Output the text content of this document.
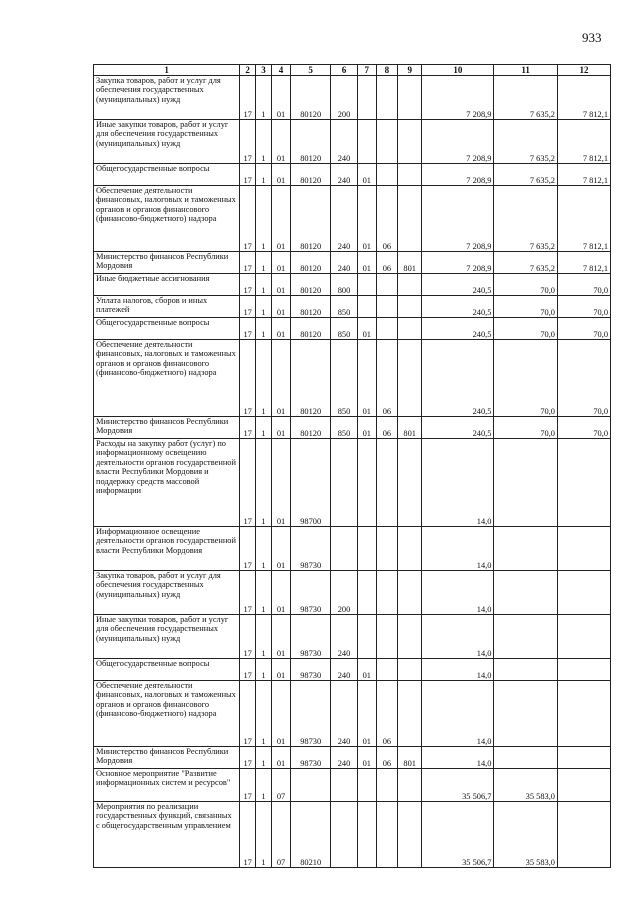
933
1	2	3	4	5	6	7	8	9	10	11	12
Закупка товаров, работ и услуг для обеспечения государственных (муниципальных) нужд	17	1	01	80120	200				7 208,9	7 635,2	7 812,1
Иные закупки товаров, работ и услуг для обеспечения государственных (муниципальных) нужд	17	1	01	80120	240				7 208,9	7 635,2	7 812,1
Общегосударственные вопросы	17	1	01	80120	240	01			7 208,9	7 635,2	7 812,1
Обеспечение деятельности финансовых, налоговых и таможенных органов и органов финансового (финансово-бюджетного) надзора	17	1	01	80120	240	01	06		7 208,9	7 635,2	7 812,1
Министерство финансов Республики Мордовия	17	1	01	80120	240	01	06	801	7 208,9	7 635,2	7 812,1
Иные бюджетные ассигнования	17	1	01	80120	800				240,5	70,0	70,0
Уплата налогов, сборов и иных платежей	17	1	01	80120	850				240,5	70,0	70,0
Общегосударственные вопросы	17	1	01	80120	850	01			240,5	70,0	70,0
Обеспечение деятельности финансовых, налоговых и таможенных органов и органов финансового (финансово-бюджетного) надзора	17	1	01	80120	850	01	06		240,5	70,0	70,0
Министерство финансов Республики Мордовия	17	1	01	80120	850	01	06	801	240,5	70,0	70,0
Расходы на закупку работ (услуг) по информационному освещению деятельности органов государственной власти Республики Мордовия и поддержку средств массовой информации	17	1	01	98700					14,0		
Информационное освещение деятельности органов государственной власти Республики Мордовия	17	1	01	98730					14,0		
Закупка товаров, работ и услуг для обеспечения государственных (муниципальных) нужд	17	1	01	98730	200				14,0		
Иные закупки товаров, работ и услуг для обеспечения государственных (муниципальных) нужд	17	1	01	98730	240				14,0		
Общегосударственные вопросы	17	1	01	98730	240	01			14,0		
Обеспечение деятельности финансовых, налоговых и таможенных органов и органов финансового (финансово-бюджетного) надзора	17	1	01	98730	240	01	06		14,0		
Министерство финансов Республики Мордовия	17	1	01	98730	240	01	06	801	14,0		
Основное мероприятие "Развитие информационных систем и ресурсов"	17	1	07						35 506,7	35 583,0	
Мероприятия по реализации государственных функций, связанных с общегосударственным управлением	17	1	07	80210					35 506,7	35 583,0	
